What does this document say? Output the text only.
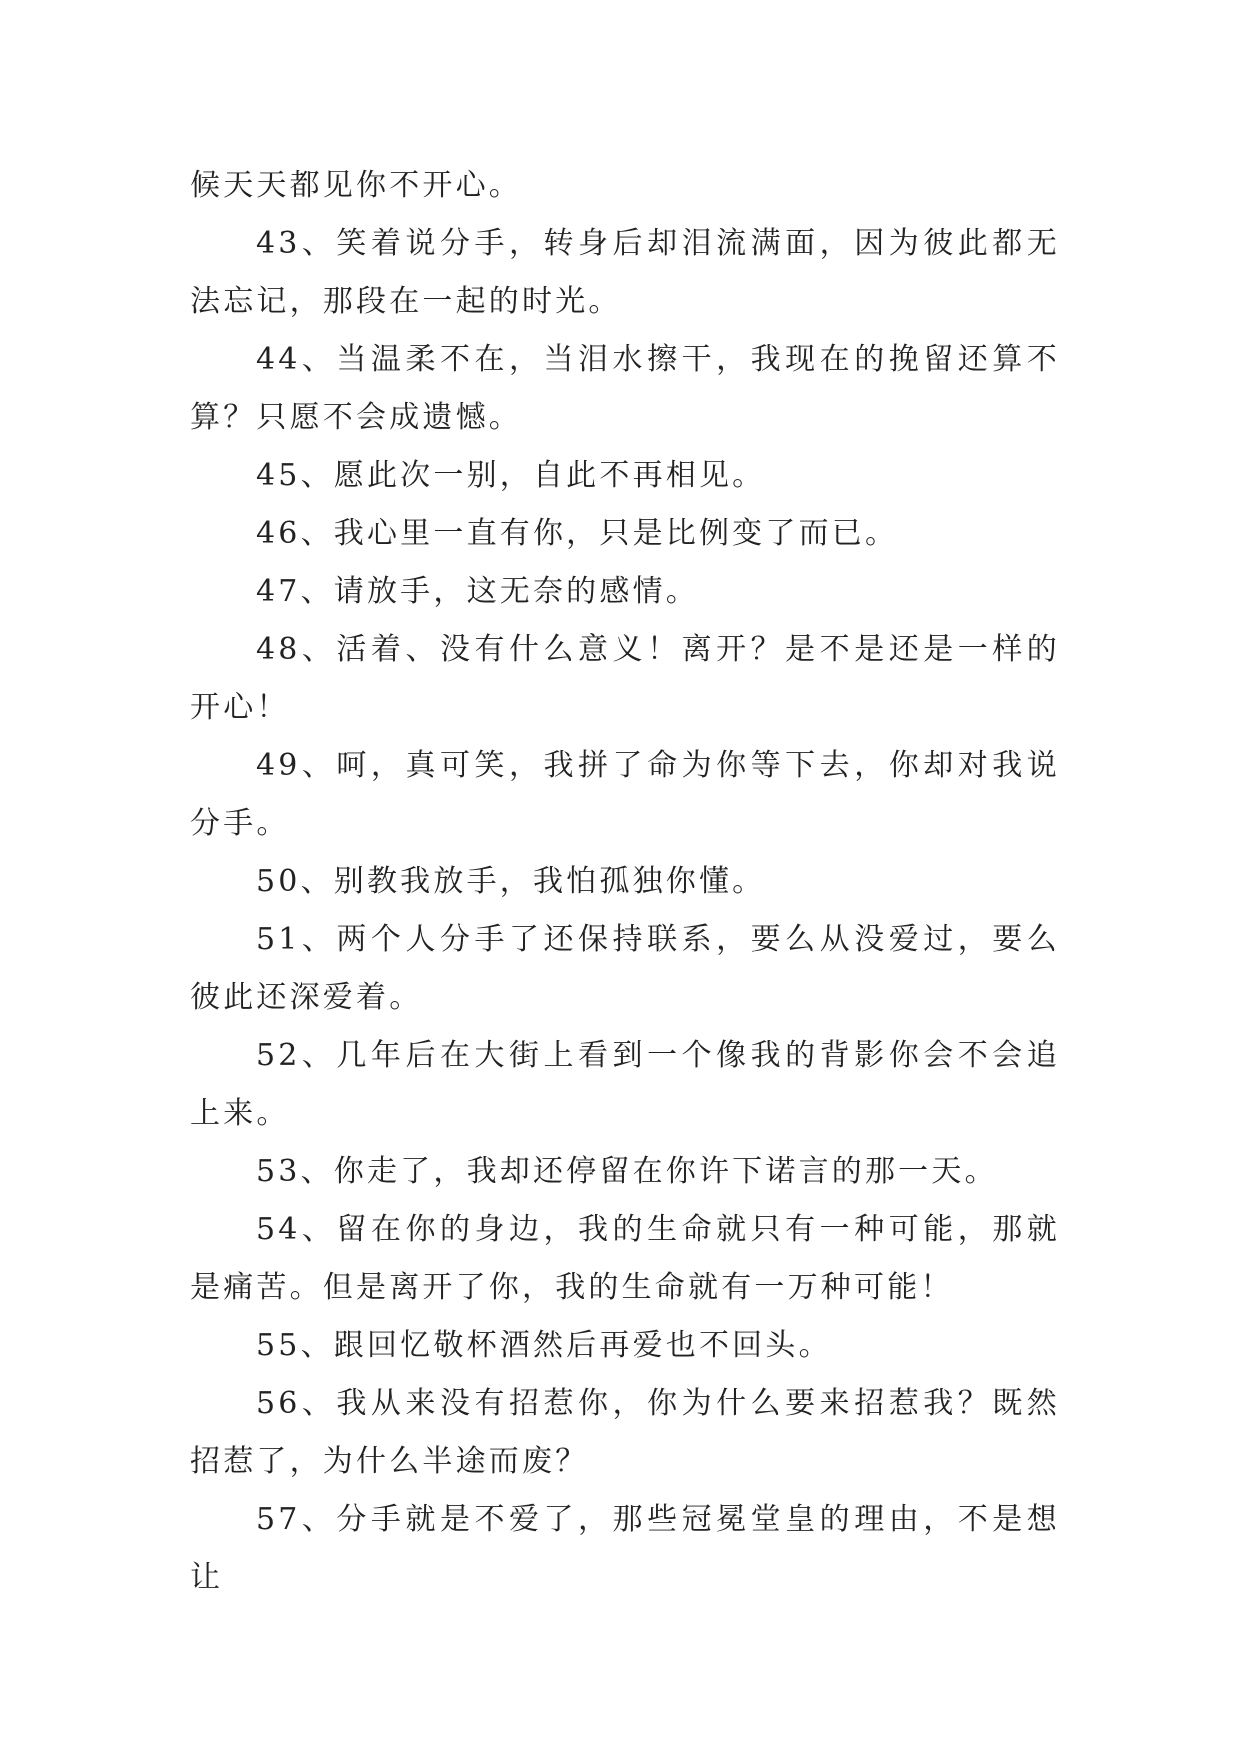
候天天都见你不开心。

43、笑着说分手，转身后却泪流满面，因为彼此都无法忘记，那段在一起的时光。

44、当温柔不在，当泪水擦干，我现在的挽留还算不算？只愿不会成遗憾。

45、愿此次一别，自此不再相见。

46、我心里一直有你，只是比例变了而已。

47、请放手，这无奈的感情。

48、活着、没有什么意义！离开？是不是还是一样的开心！

49、呵，真可笑，我拼了命为你等下去，你却对我说分手。

50、别教我放手，我怕孤独你懂。

51、两个人分手了还保持联系，要么从没爱过，要么彼此还深爱着。

52、几年后在大街上看到一个像我的背影你会不会追上来。

53、你走了，我却还停留在你许下诺言的那一天。

54、留在你的身边，我的生命就只有一种可能，那就是痛苦。但是离开了你，我的生命就有一万种可能！

55、跟回忆敬杯酒然后再爱也不回头。

56、我从来没有招惹你，你为什么要来招惹我？既然招惹了，为什么半途而废？

57、分手就是不爱了，那些冠冕堂皇的理由，不是想让
